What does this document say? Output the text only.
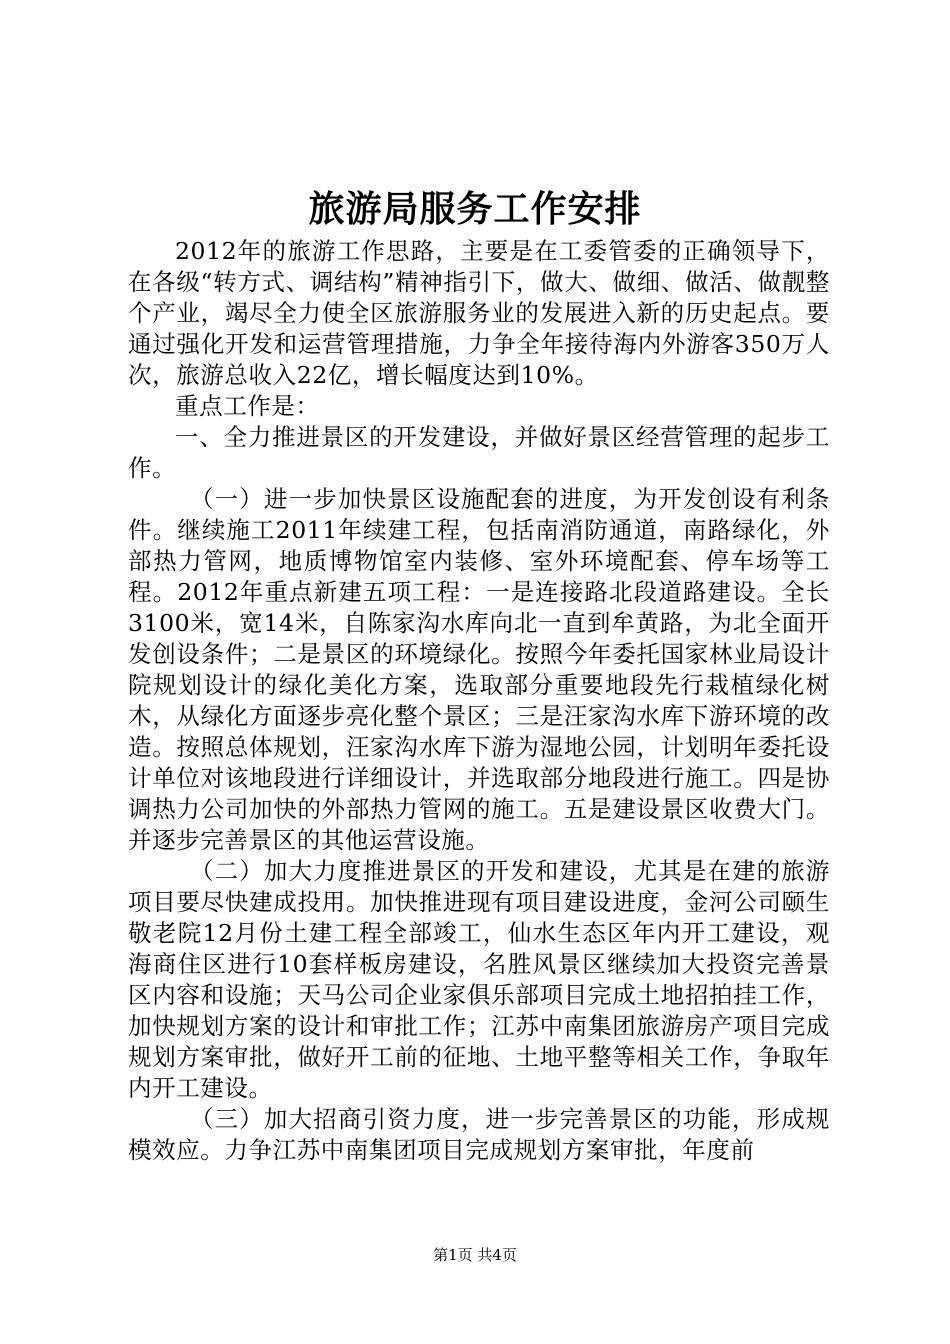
旅游局服务工作安排

2012年的旅游工作思路，主要是在工委管委的正确领导下，在各级“转方式、调结构”精神指引下，做大、做细、做活、做靓整个产业，竭尽全力使全区旅游服务业的发展进入新的历史起点。要通过强化开发和运营管理措施，力争全年接待海内外游客350万人次，旅游总收入22亿，增长幅度达到10%。

重点工作是：

一、全力推进景区的开发建设，并做好景区经营管理的起步工作。

（一）进一步加快景区设施配套的进度，为开发创设有利条件。继续施工2011年续建工程，包括南消防通道，南路绿化，外部热力管网，地质博物馆室内装修、室外环境配套、停车场等工程。2012年重点新建五项工程：一是连接路北段道路建设。全长3100米，宽14米，自陈家沟水库向北一直到牟黄路，为北全面开发创设条件；二是景区的环境绿化。按照今年委托国家林业局设计院规划设计的绿化美化方案，选取部分重要地段先行栽植绿化树木，从绿化方面逐步亮化整个景区；三是汪家沟水库下游环境的改造。按照总体规划，汪家沟水库下游为湿地公园，计划明年委托设计单位对该地段进行详细设计，并选取部分地段进行施工。四是协调热力公司加快的外部热力管网的施工。五是建设景区收费大门。并逐步完善景区的其他运营设施。

（二）加大力度推进景区的开发和建设，尤其是在建的旅游项目要尽快建成投用。加快推进现有项目建设进度，金河公司颐生敬老院12月份土建工程全部竣工，仙水生态区年内开工建设，观海商住区进行10套样板房建设，名胜风景区继续加大投资完善景区内容和设施；天马公司企业家俱乐部项目完成土地招拍挂工作，加快规划方案的设计和审批工作；江苏中南集团旅游房产项目完成规划方案审批，做好开工前的征地、土地平整等相关工作，争取年内开工建设。

（三）加大招商引资力度，进一步完善景区的功能，形成规模效应。力争江苏中南集团项目完成规划方案审批，年度前

第1页 共4页
